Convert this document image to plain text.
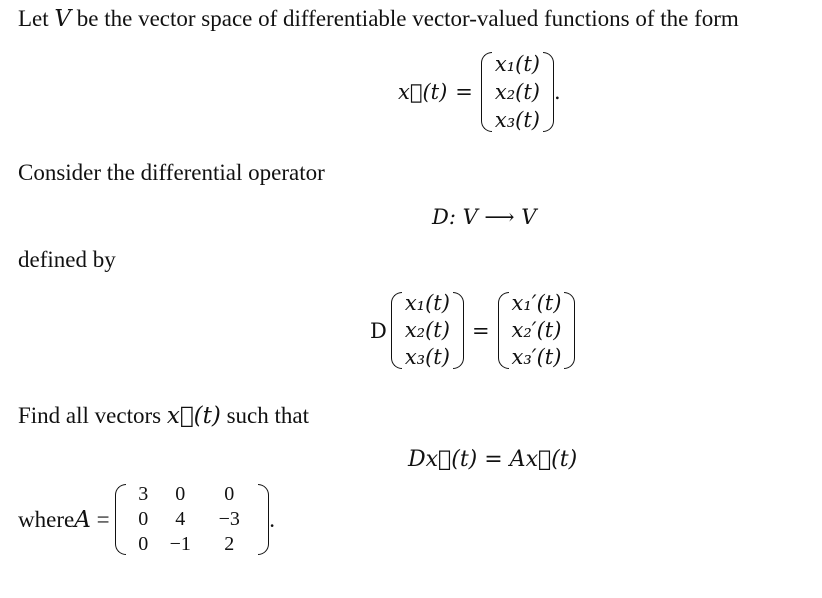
Let V be the vector space of differentiable vector-valued functions of the form
x⃗(t) =
x₁(t)
x₂(t)
x₃(t)
.
Consider the differential operator
D: V ⟶ V
defined by
D
x₁(t)
x₂(t)
x₃(t)
=
x₁′(t)
x₂′(t)
x₃′(t)
Find all vectors x⃗(t) such that
Dx⃗(t) = Ax⃗(t)
where A =
3	0	0
0	4	−3
0	−1	2
.
